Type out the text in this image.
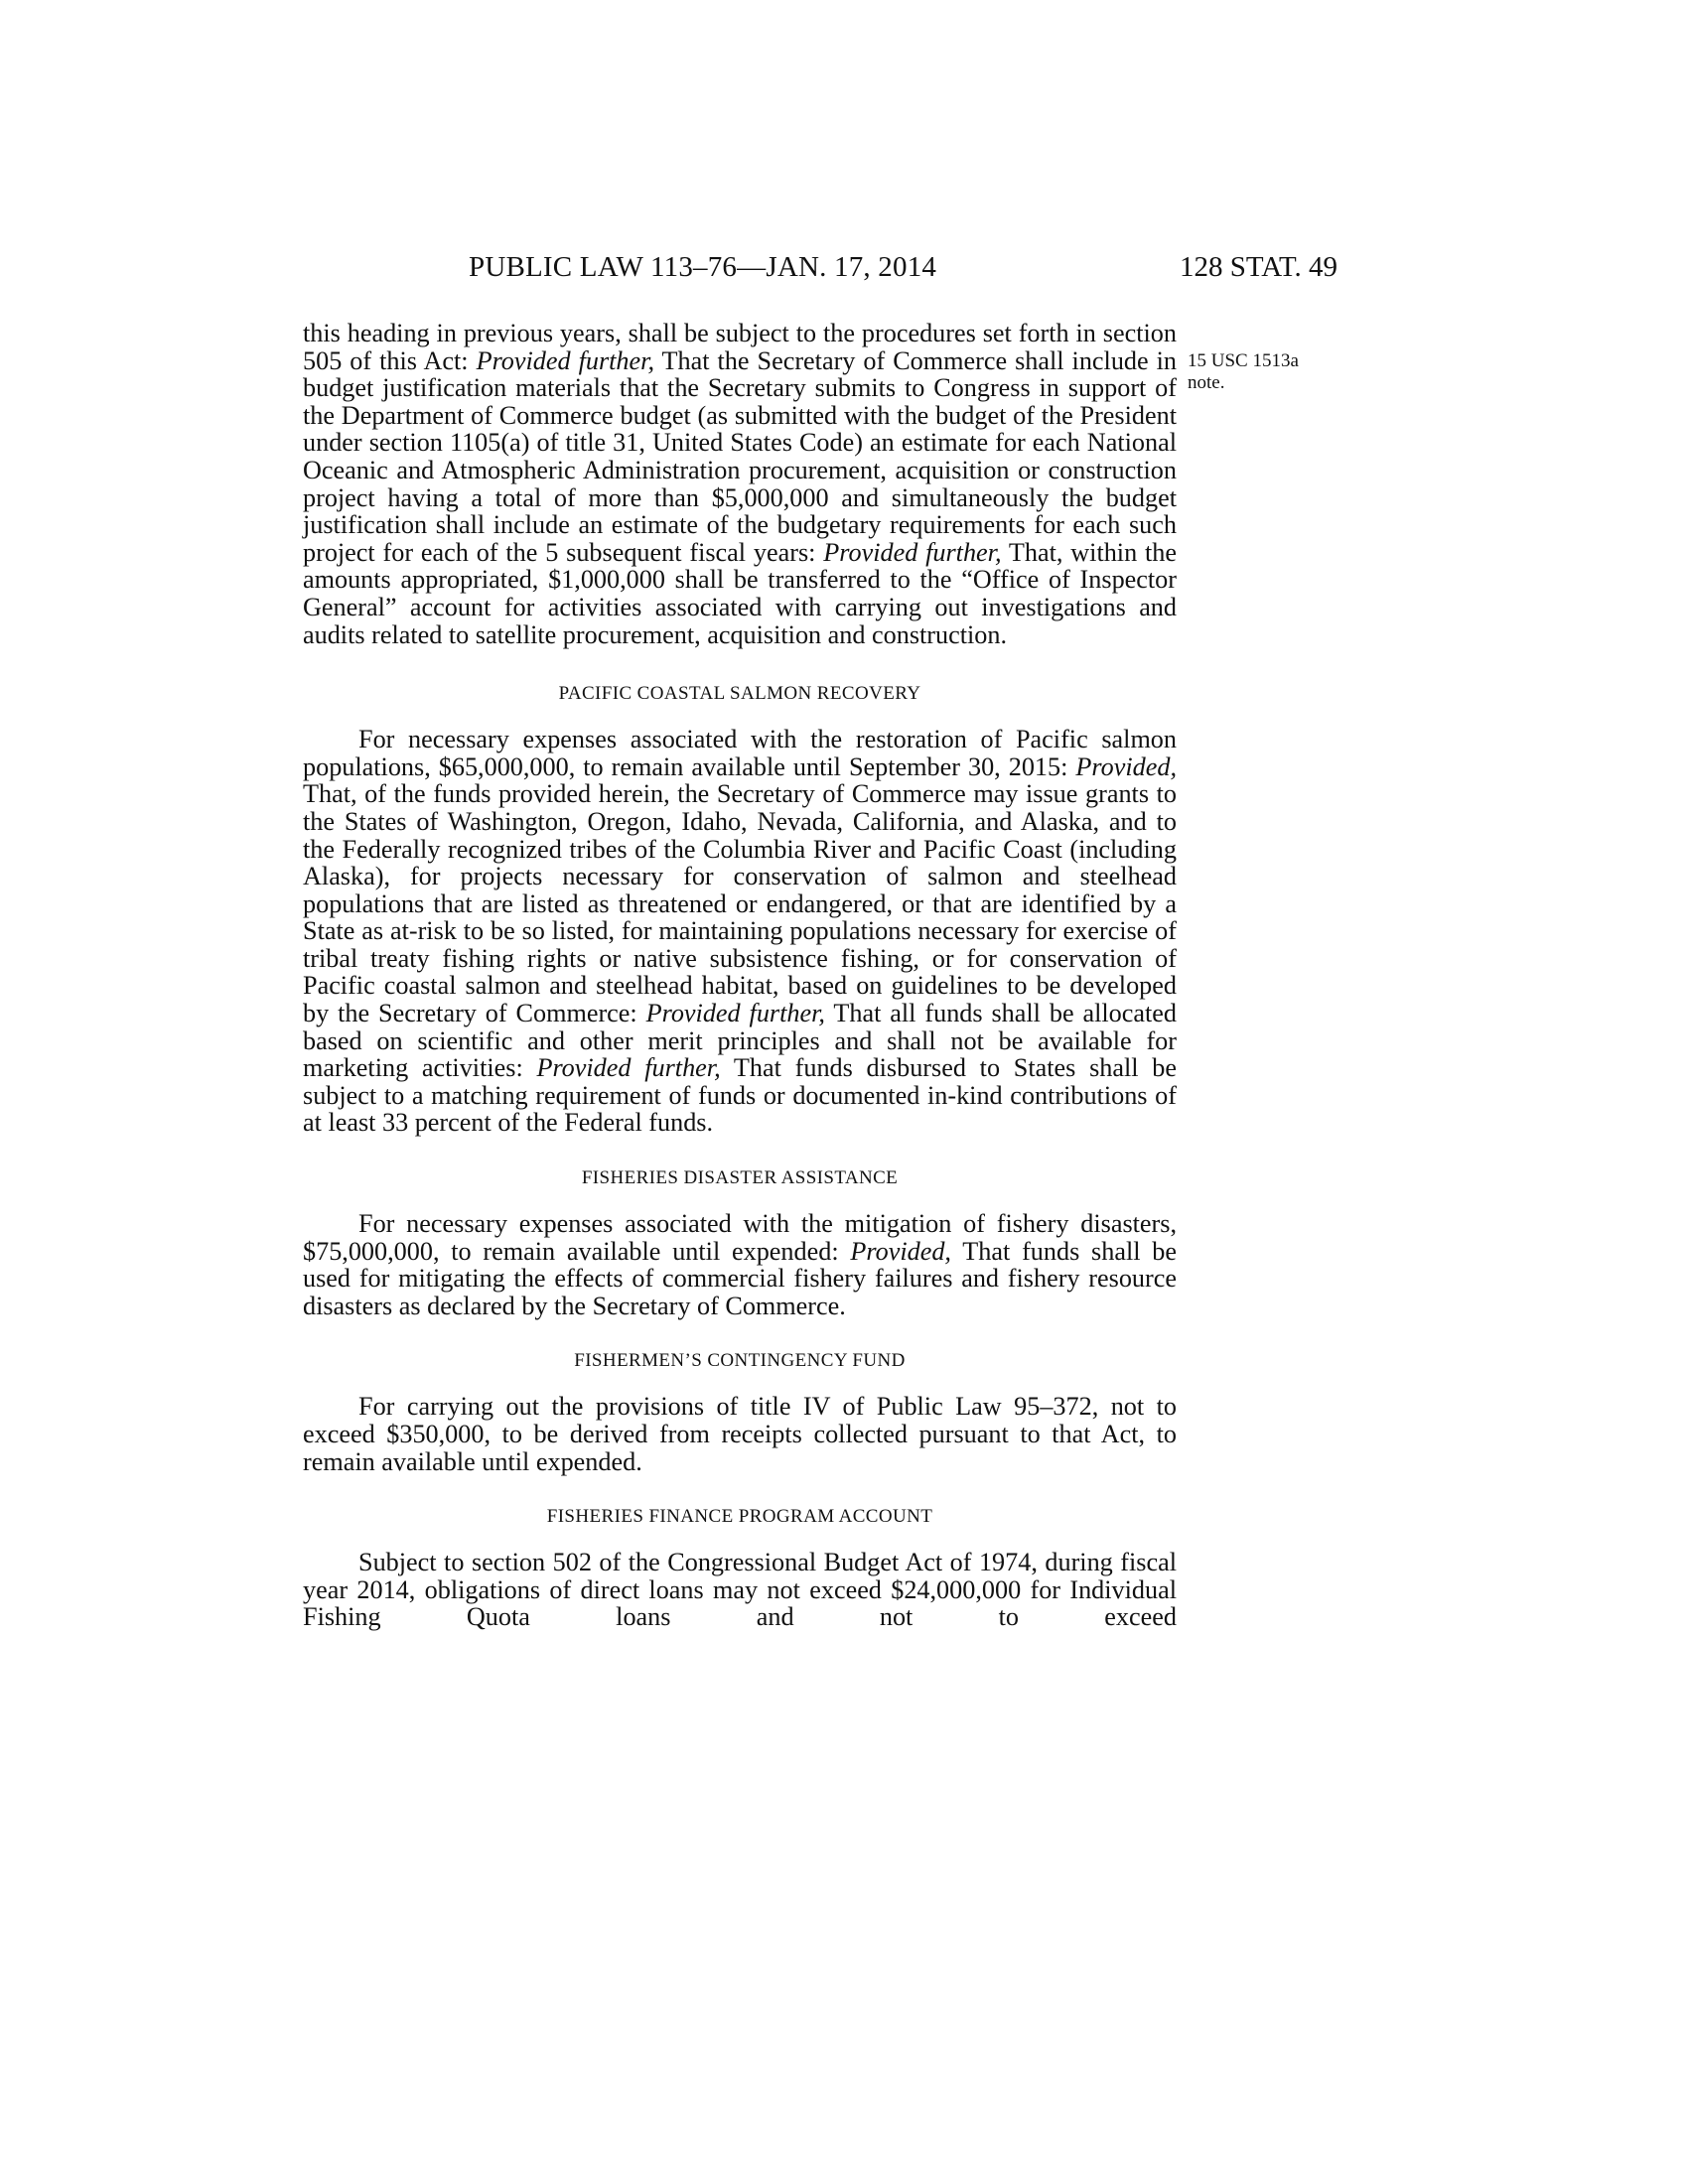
PUBLIC LAW 113–76—JAN. 17, 2014	128 STAT. 49
15 USC 1513a
note.

this heading in previous years, shall be subject to the procedures set forth in section 505 of this Act: Provided further, That the Secretary of Commerce shall include in budget justification materials that the Secretary submits to Congress in support of the Department of Commerce budget (as submitted with the budget of the President under section 1105(a) of title 31, United States Code) an estimate for each National Oceanic and Atmospheric Administration procurement, acquisition or construction project having a total of more than $5,000,000 and simultaneously the budget justification shall include an estimate of the budgetary requirements for each such project for each of the 5 subsequent fiscal years: Provided further, That, within the amounts appropriated, $1,000,000 shall be transferred to the “Office of Inspector General” account for activities associated with carrying out investigations and audits related to satellite procurement, acquisition and construction.

PACIFIC COASTAL SALMON RECOVERY

For necessary expenses associated with the restoration of Pacific salmon populations, $65,000,000, to remain available until September 30, 2015: Provided, That, of the funds provided herein, the Secretary of Commerce may issue grants to the States of Washington, Oregon, Idaho, Nevada, California, and Alaska, and to the Federally recognized tribes of the Columbia River and Pacific Coast (including Alaska), for projects necessary for conservation of salmon and steelhead populations that are listed as threatened or endangered, or that are identified by a State as at-risk to be so listed, for maintaining populations necessary for exercise of tribal treaty fishing rights or native subsistence fishing, or for conservation of Pacific coastal salmon and steelhead habitat, based on guidelines to be developed by the Secretary of Commerce: Provided further, That all funds shall be allocated based on scientific and other merit principles and shall not be available for marketing activities: Provided further, That funds disbursed to States shall be subject to a matching requirement of funds or documented in-kind contributions of at least 33 percent of the Federal funds.

FISHERIES DISASTER ASSISTANCE

For necessary expenses associated with the mitigation of fishery disasters, $75,000,000, to remain available until expended: Provided, That funds shall be used for mitigating the effects of commercial fishery failures and fishery resource disasters as declared by the Secretary of Commerce.

FISHERMEN’S CONTINGENCY FUND

For carrying out the provisions of title IV of Public Law 95–372, not to exceed $350,000, to be derived from receipts collected pursuant to that Act, to remain available until expended.

FISHERIES FINANCE PROGRAM ACCOUNT

Subject to section 502 of the Congressional Budget Act of 1974, during fiscal year 2014, obligations of direct loans may not exceed $24,000,000 for Individual Fishing Quota loans and not to exceed
